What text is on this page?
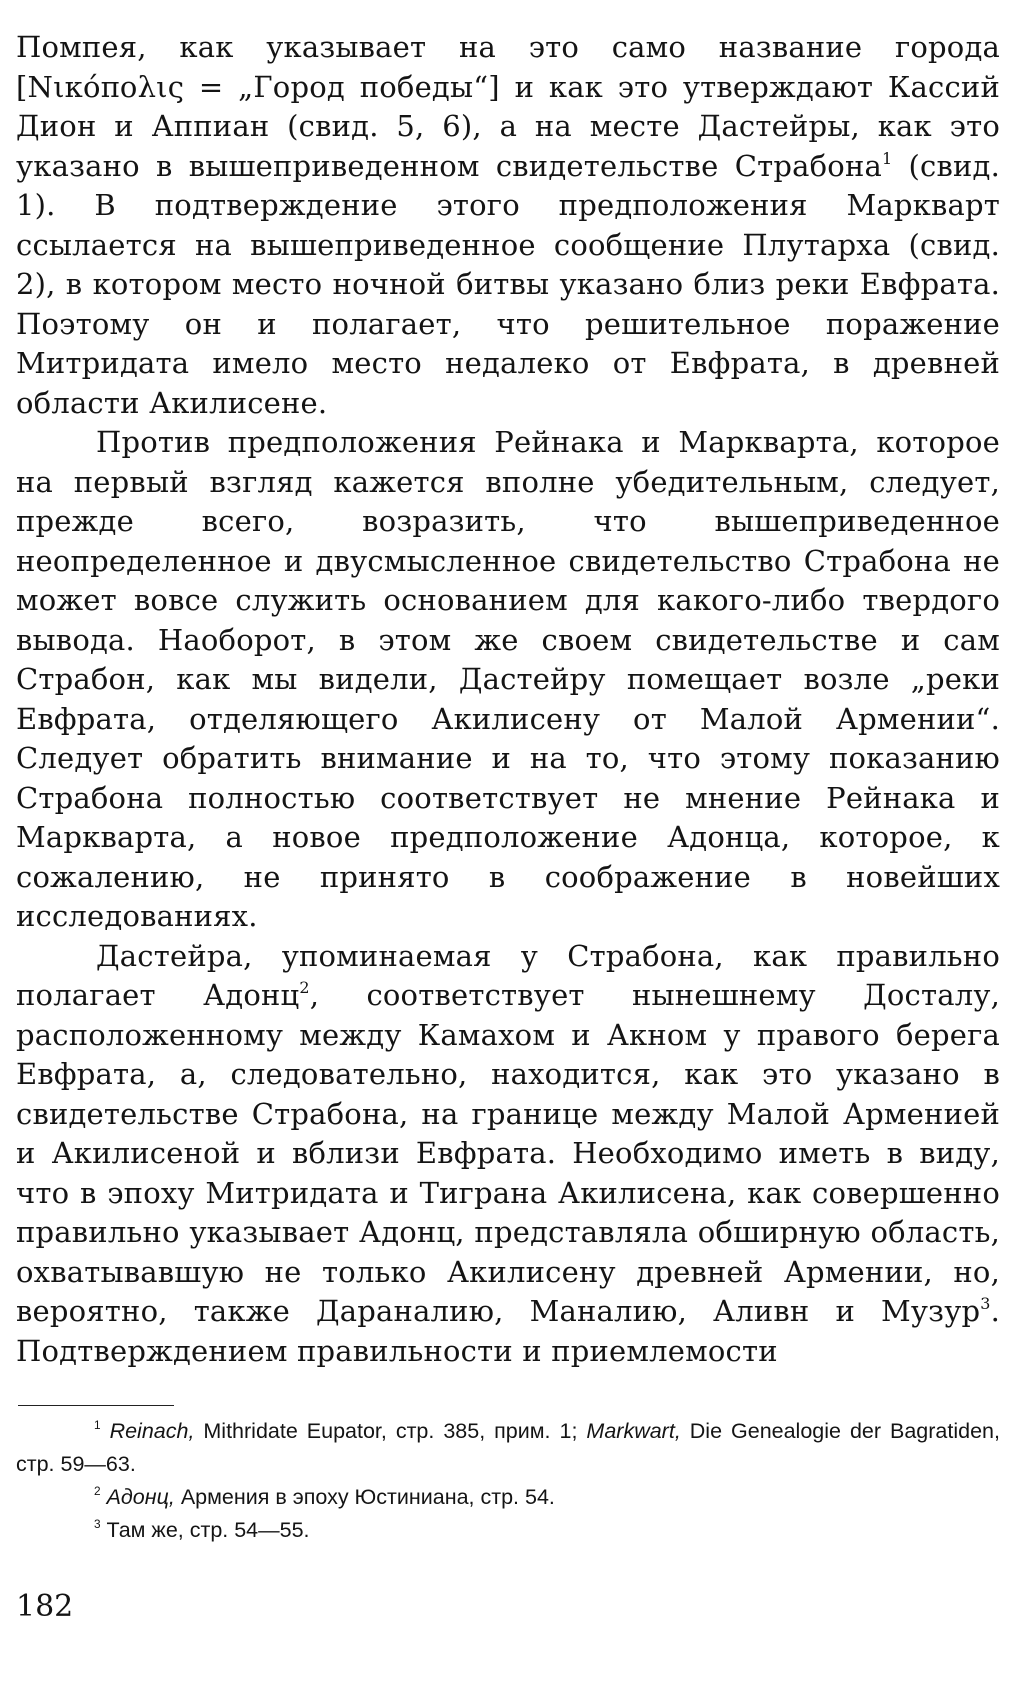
Помпея, как указывает на это само название города [Νικόπολις = „Город победы“] и как это утверждают Кассий Дион и Аппиан (свид. 5, 6), а на месте Дастейры, как это указано в вышеприведенном свидетельстве Страбона$^1$ (свид. 1). В подтверждение этого предположения Маркварт ссылается на вышеприведенное сообщение Плутарха (свид. 2), в котором место ночной битвы указано близ реки Евфрата. Поэтому он и полагает, что решительное поражение Митридата имело место недалеко от Евфрата, в древней области Акилисене.

Против предположения Рейнака и Маркварта, которое на первый взгляд кажется вполне убедительным, следует, прежде всего, возразить, что вышеприведенное неопределенное и двусмысленное свидетельство Страбона не может вовсе служить основанием для какого-либо твердого вывода. Наоборот, в этом же своем свидетельстве и сам Страбон, как мы видели, Дастейру помещает возле „реки Евфрата, отделяющего Акилисену от Малой Армении“. Следует обратить внимание и на то, что этому показанию Страбона полностью соответствует не мнение Рейнака и Маркварта, а новое предположение Адонца, которое, к сожалению, не принято в соображение в новейших исследованиях.

Дастейра, упоминаемая у Страбона, как правильно полагает Адонц$^2$, соответствует нынешнему Досталу, расположенному между Камахом и Акном у правого берега Евфрата, а, следовательно, находится, как это указано в свидетельстве Страбона, на границе между Малой Арменией и Акилисеной и вблизи Евфрата. Необходимо иметь в виду, что в эпоху Митридата и Тиграна Акилисена, как совершенно правильно указывает Адонц, представляла обширную область, охватывавшую не только Акилисену древней Армении, но, вероятно, также Дараналию, Маналию, Аливн и Музур$^3$. Подтверждением правильности и приемлемости

$^1$ Reinach, Mithridate Eupator, стр. 385, прим. 1; Markwart, Die Genealogie der Bagratiden, стр. 59—63.

$^2$ Адонц, Армения в эпоху Юстиниана, стр. 54.

$^3$ Там же, стр. 54—55.

182
